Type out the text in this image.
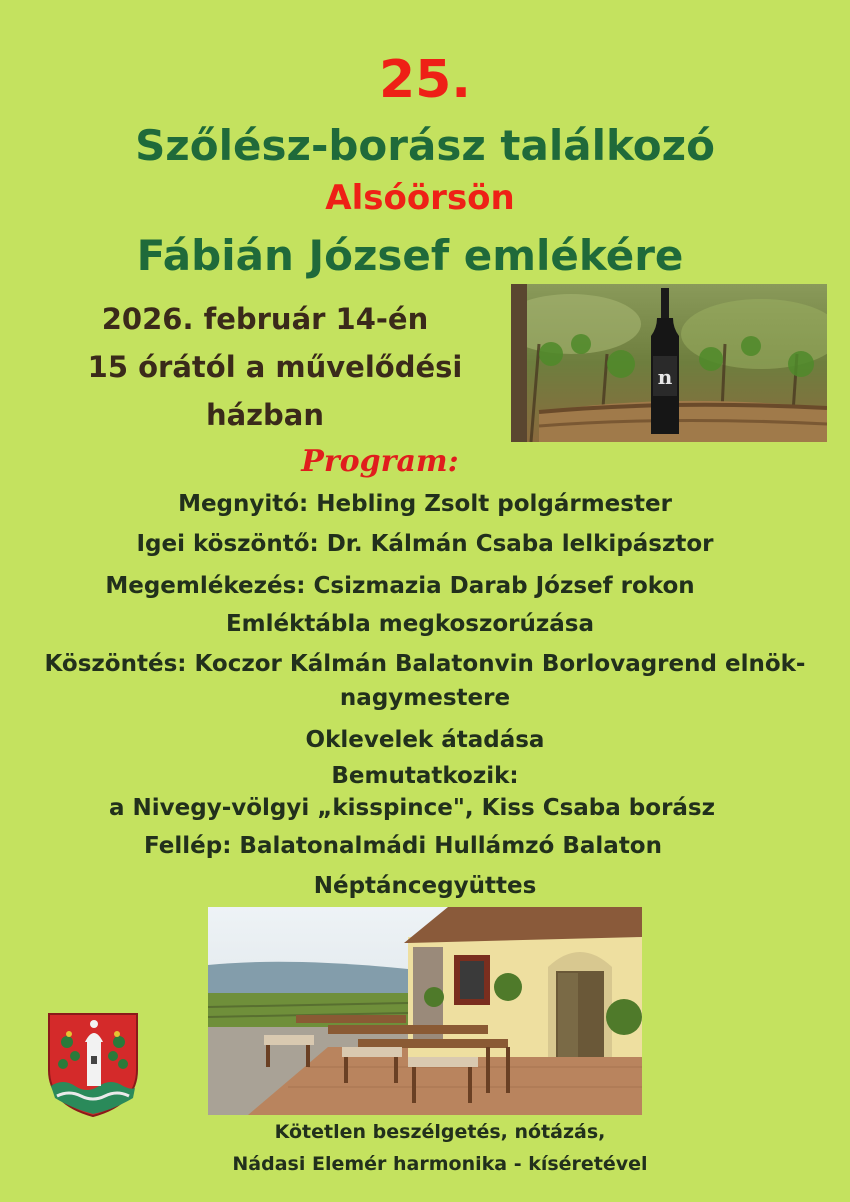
25.
Szőlész-borász találkozó
Alsóörsön
Fábián József emlékére
2026. február 14-én
15 órától a művelődési
házban
n
Program:
Megnyitó: Hebling Zsolt polgármester
Igei köszöntő: Dr. Kálmán Csaba lelkipásztor
Megemlékezés: Csizmazia Darab József rokon
Emléktábla megkoszorúzása
Köszöntés: Koczor Kálmán Balatonvin Borlovagrend elnök-
nagymestere
Oklevelek átadása
Bemutatkozik:
a Nivegy-völgyi „kisspince", Kiss Csaba borász
Fellép: Balatonalmádi Hullámzó Balaton
Néptáncegyüttes
Kötetlen beszélgetés, nótázás,
Nádasi Elemér harmonika - kíséretével
